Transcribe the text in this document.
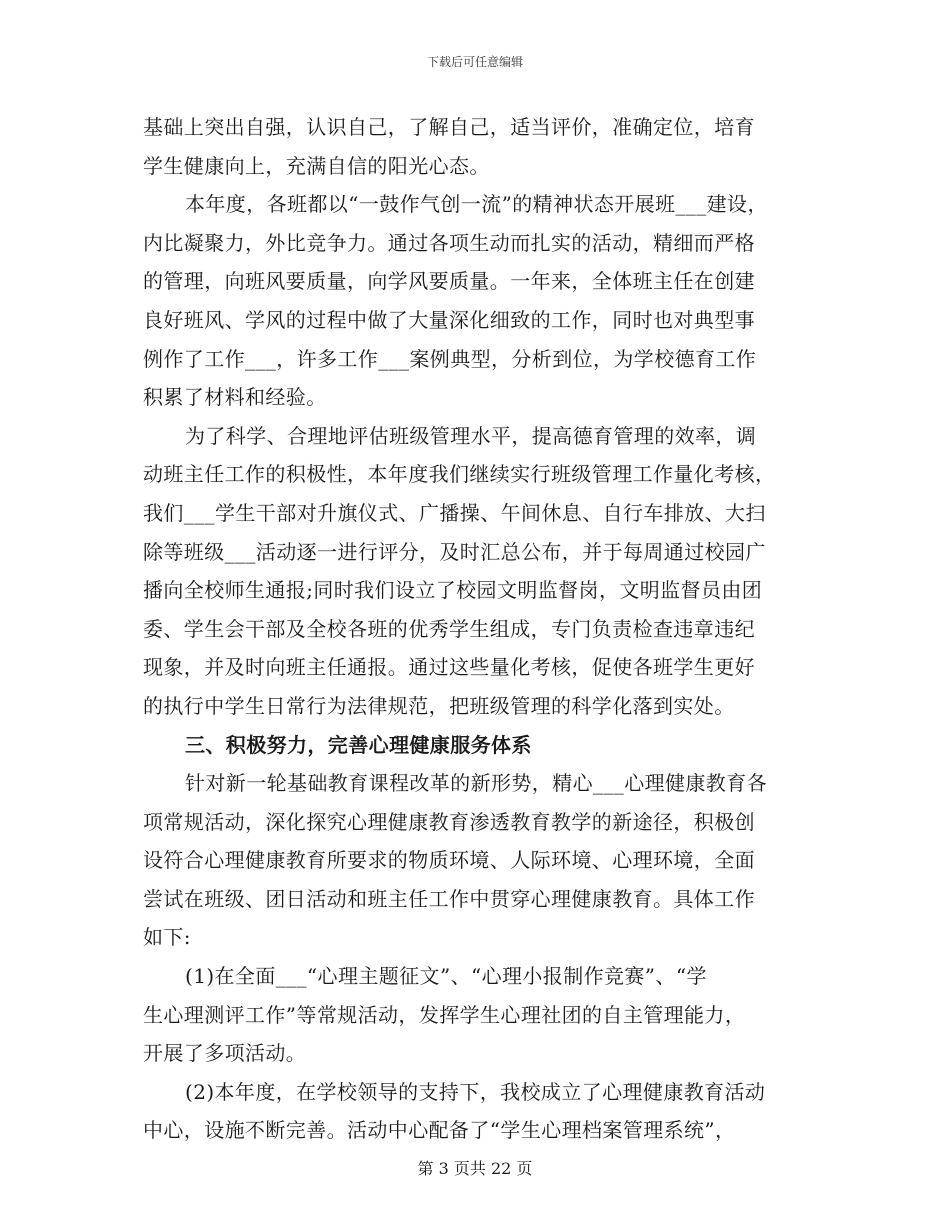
下载后可任意编辑
基础上突出自强，认识自己，了解自己，适当评价，准确定位，培育
学生健康向上，充满自信的阳光心态。
本年度，各班都以“一鼓作气创一流”的精神状态开展班___建设，
内比凝聚力，外比竞争力。通过各项生动而扎实的活动，精细而严格
的管理，向班风要质量，向学风要质量。一年来，全体班主任在创建
良好班风、学风的过程中做了大量深化细致的工作，同时也对典型事
例作了工作___，许多工作___案例典型，分析到位，为学校德育工作
积累了材料和经验。
为了科学、合理地评估班级管理水平，提高德育管理的效率，调
动班主任工作的积极性，本年度我们继续实行班级管理工作量化考核，
我们___学生干部对升旗仪式、广播操、午间休息、自行车排放、大扫
除等班级___活动逐一进行评分，及时汇总公布，并于每周通过校园广
播向全校师生通报;同时我们设立了校园文明监督岗，文明监督员由团
委、学生会干部及全校各班的优秀学生组成，专门负责检查违章违纪
现象，并及时向班主任通报。通过这些量化考核，促使各班学生更好
的执行中学生日常行为法律规范，把班级管理的科学化落到实处。
三、积极努力，完善心理健康服务体系
针对新一轮基础教育课程改革的新形势，精心___心理健康教育各
项常规活动，深化探究心理健康教育渗透教育教学的新途径，积极创
设符合心理健康教育所要求的物质环境、人际环境、心理环境，全面
尝试在班级、团日活动和班主任工作中贯穿心理健康教育。具体工作
如下:
(1)在全面___“心理主题征文”、“心理小报制作竞赛”、“学
生心理测评工作”等常规活动，发挥学生心理社团的自主管理能力，
开展了多项活动。
(2)本年度，在学校领导的支持下，我校成立了心理健康教育活动
中心，设施不断完善。活动中心配备了“学生心理档案管理系统”，
第 3 页共 22 页
